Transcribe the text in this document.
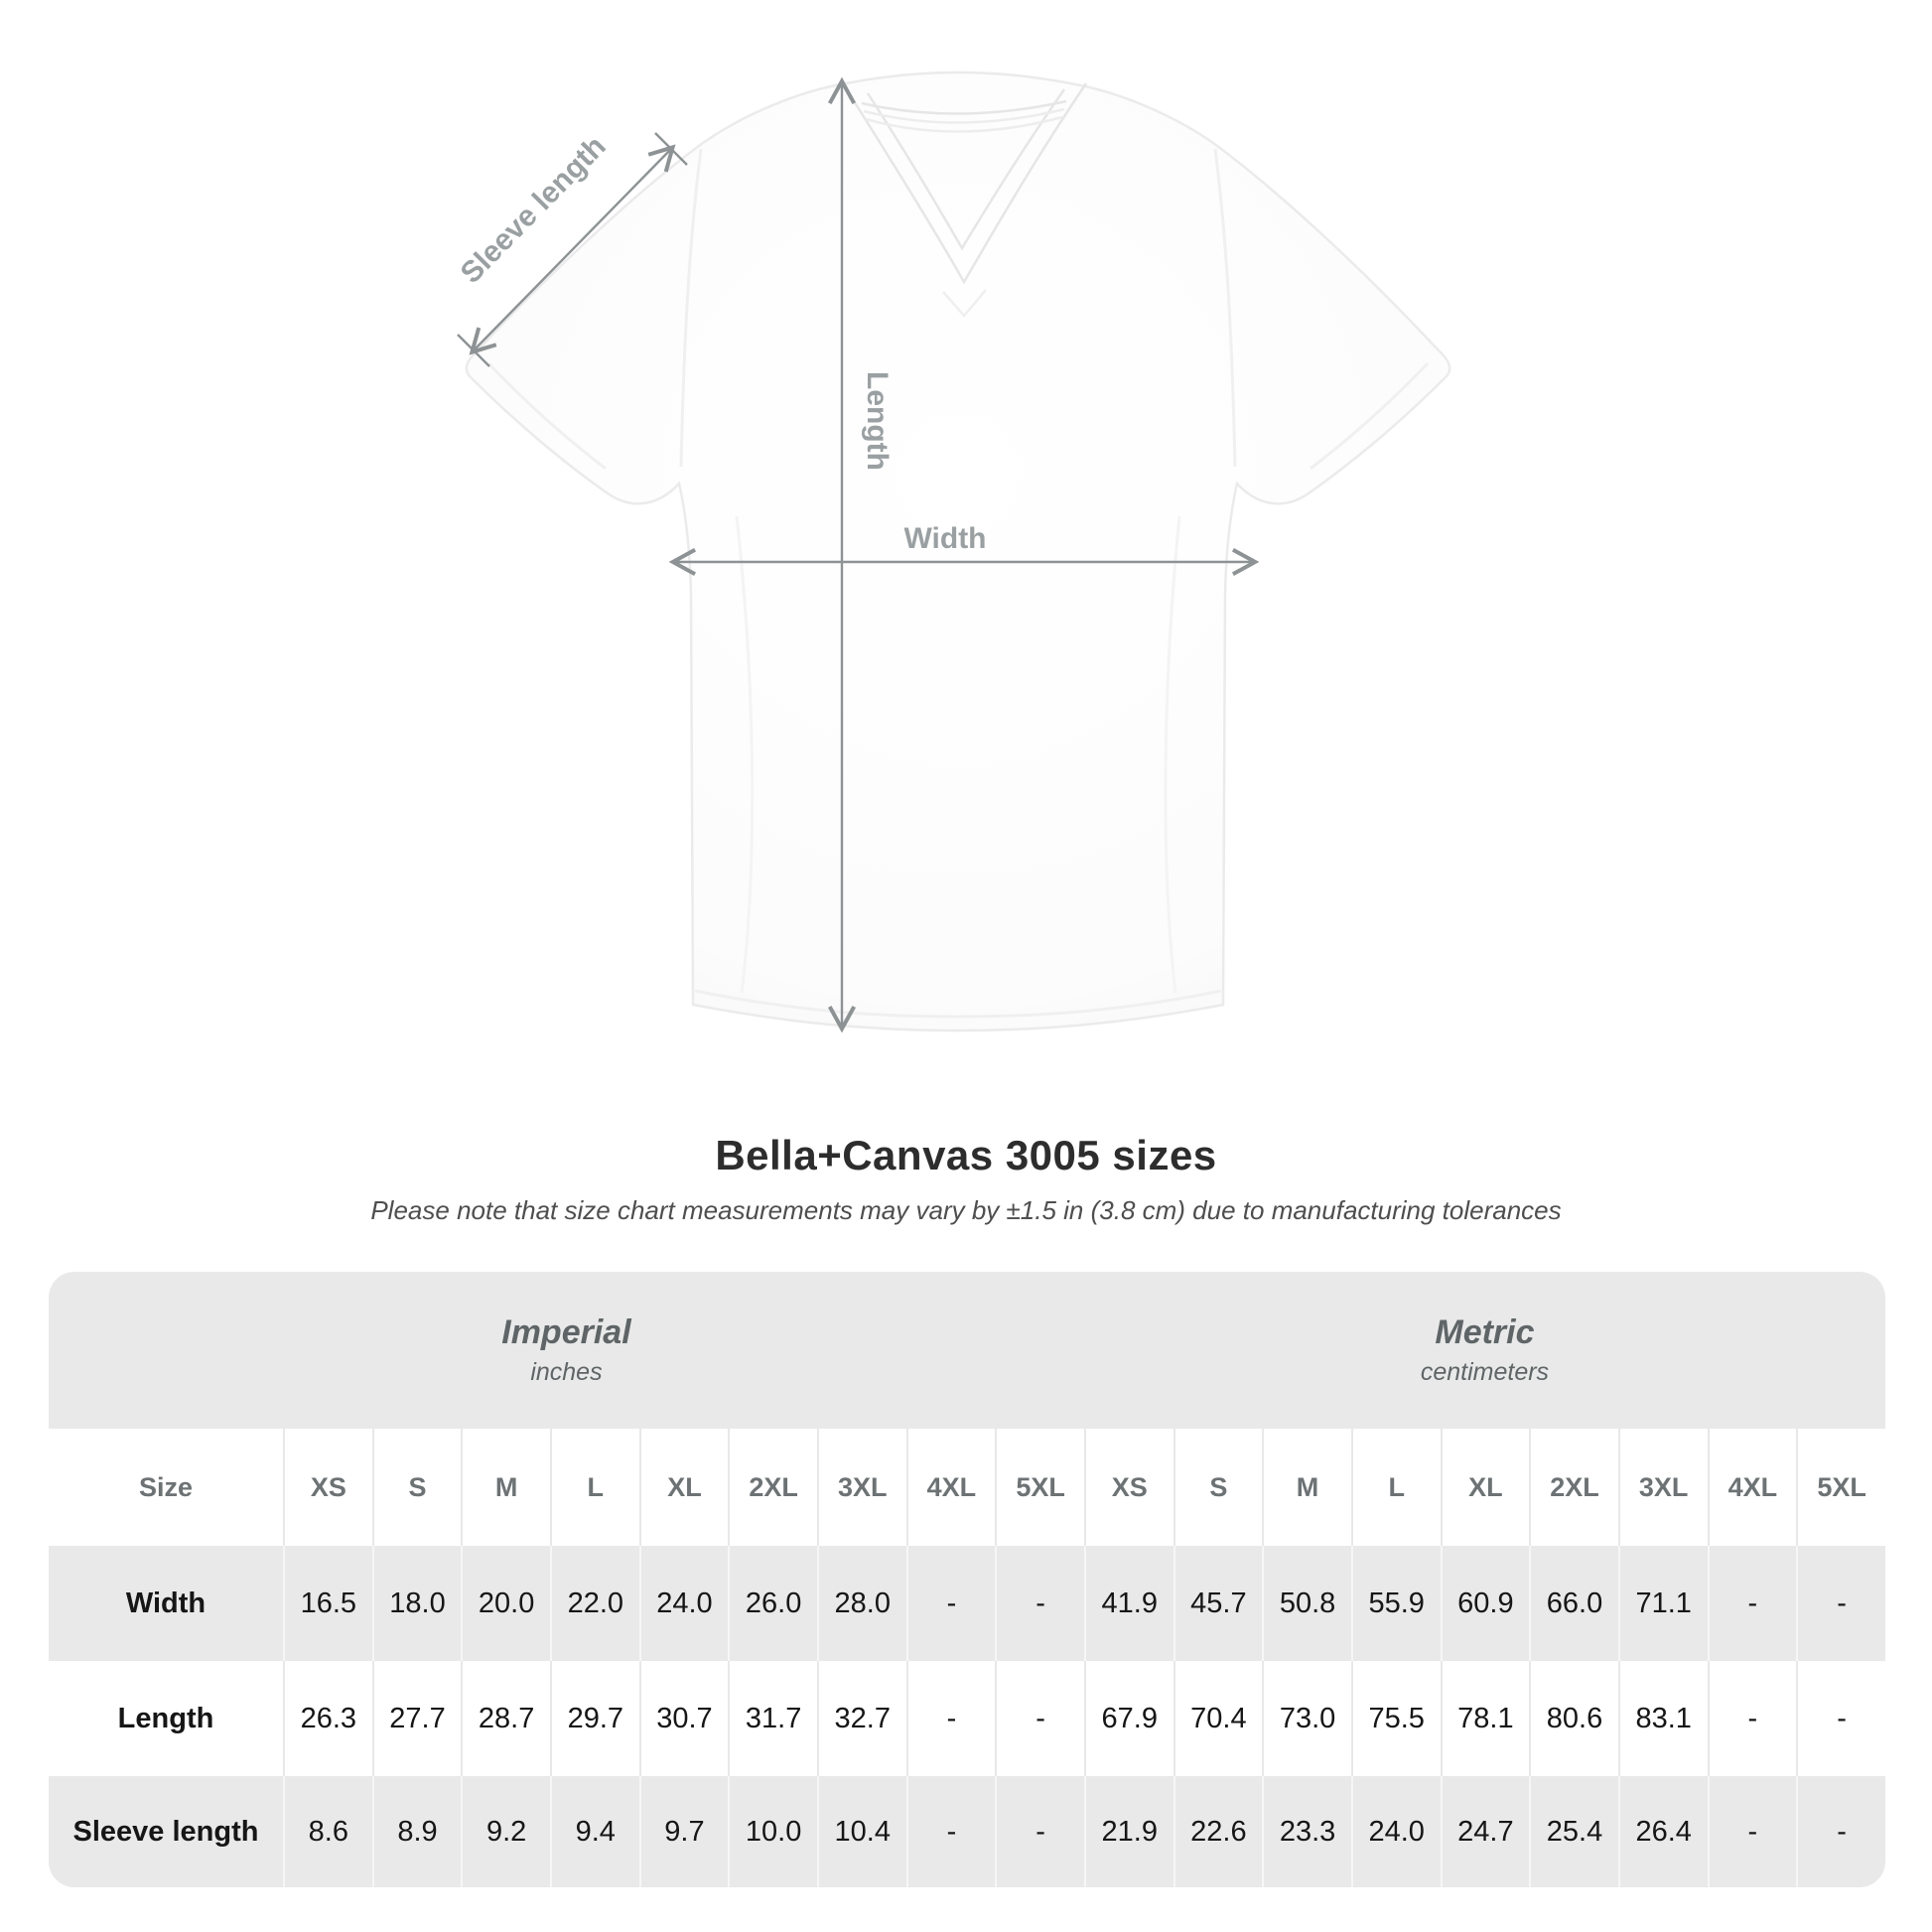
Sleeve length
Length
Width
Bella+Canvas 3005 sizes
Please note that size chart measurements may vary by ±1.5 in (3.8 cm) due to manufacturing tolerances
Imperial
inches

Metric
centimeters

Size	XS	S	M	L	XL	2XL	3XL	4XL	5XL	XS	S	M	L	XL	2XL	3XL	4XL	5XL
Width	16.5	18.0	20.0	22.0	24.0	26.0	28.0	-	-	41.9	45.7	50.8	55.9	60.9	66.0	71.1	-	-
Length	26.3	27.7	28.7	29.7	30.7	31.7	32.7	-	-	67.9	70.4	73.0	75.5	78.1	80.6	83.1	-	-
Sleeve length	8.6	8.9	9.2	9.4	9.7	10.0	10.4	-	-	21.9	22.6	23.3	24.0	24.7	25.4	26.4	-	-
